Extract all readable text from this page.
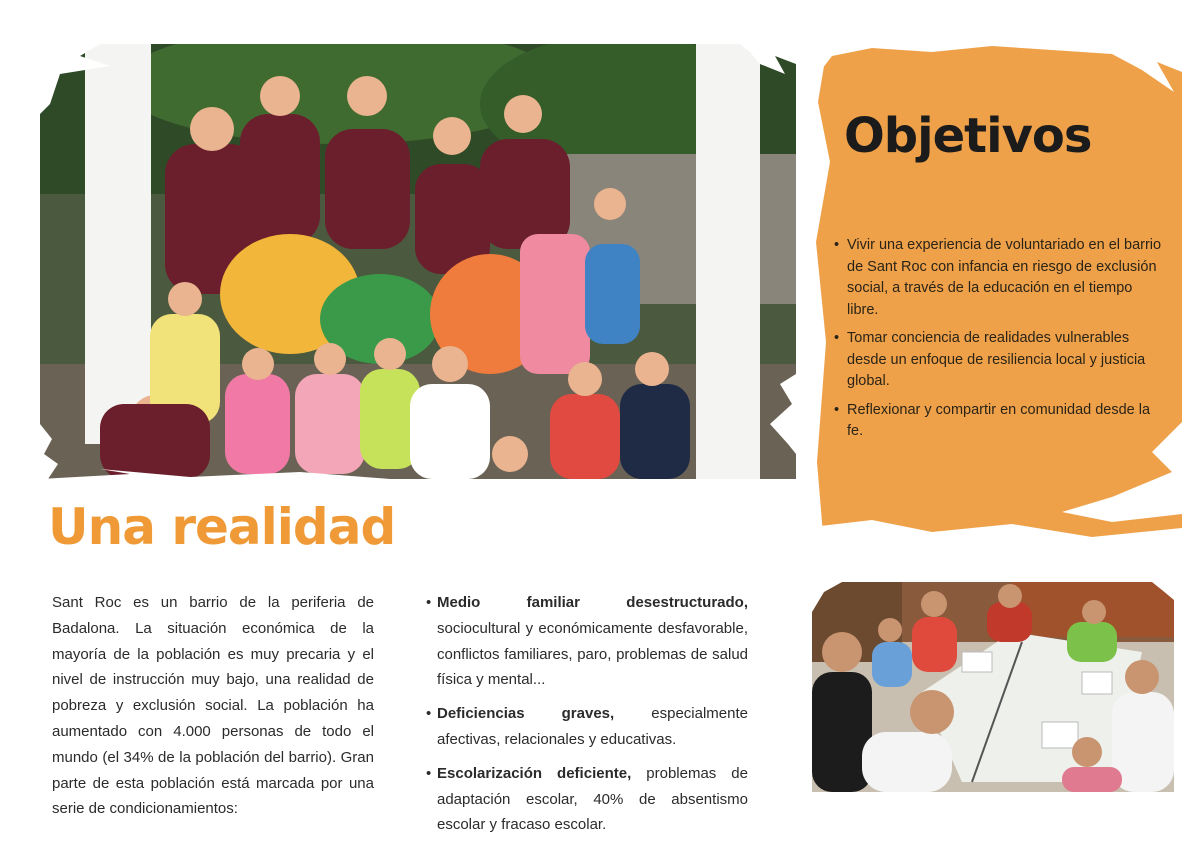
Objetivos
• Vivir una experiencia de voluntariado en el barrio de Sant Roc con infancia en riesgo de exclusión social, a través de la educación en el tiempo libre.
• Tomar conciencia de realidades vulnerables desde un enfoque de resiliencia local y justicia global.
• Reflexionar y compartir en comunidad desde la fe.
Una realidad

Sant Roc es un barrio de la periferia de Badalona. La situación económica de la mayoría de la población es muy precaria y el nivel de instrucción muy bajo, una realidad de pobreza y exclusión social. La población ha aumentado con 4.000 personas de todo el mundo (el 34% de la población del barrio). Gran parte de esta población está marcada por una serie de condicionamientos:

• Medio familiar desestructurado, sociocultural y económicamente desfavorable, conflictos familiares, paro, problemas de salud física y mental...
• Deficiencias graves, especialmente afectivas, relacionales y educativas.
• Escolarización deficiente, problemas de adaptación escolar, 40% de absentismo escolar y fracaso escolar.
